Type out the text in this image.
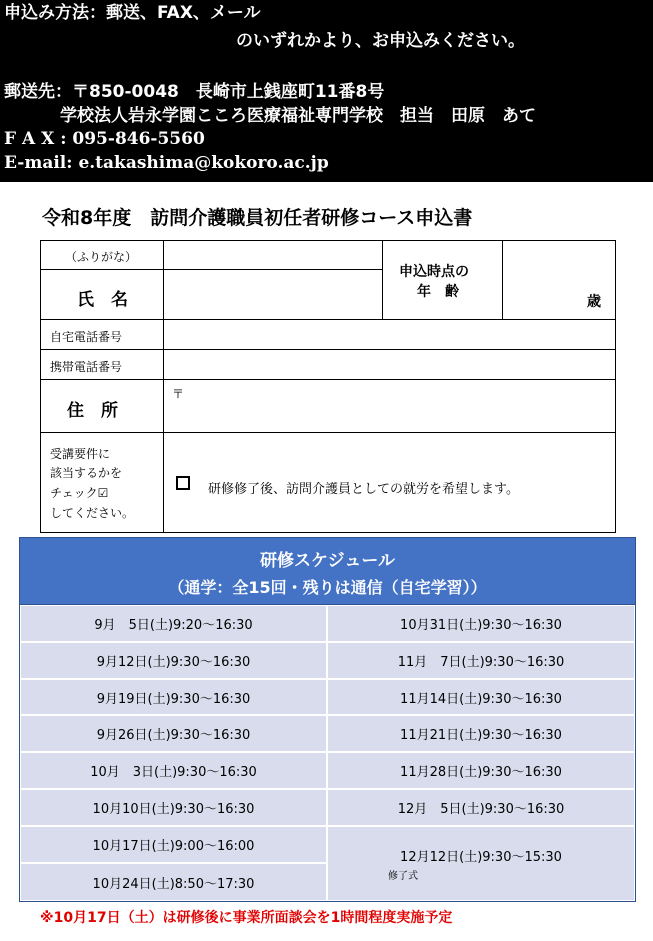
申込み方法：郵送、FAX、メール
のいずれかより、お申込みください。
郵送先：〒850-0048　長崎市上銭座町11番8号
学校法人岩永学園こころ医療福祉専門学校　担当　田原　あて
F A X : 095-846-5560
E-mail: e.takashima@kokoro.ac.jp
令和8年度　訪問介護職員初任者研修コース申込書
（ふりがな）
氏　名
申込時点の
年　齢
歳
自宅電話番号
携帯電話番号
住　所
〒
受講要件に
該当するかを
チェック☑
してください。
研修修了後、訪問介護員としての就労を希望します。
研修スケジュール
（通学：全15回・残りは通信（自宅学習））
9月　5日(土)9:20～16:30
9月12日(土)9:30～16:30
9月19日(土)9:30～16:30
9月26日(土)9:30～16:30
10月　3日(土)9:30～16:30
10月10日(土)9:30～16:30
10月17日(土)9:00～16:00
10月24日(土)8:50～17:30
10月31日(土)9:30～16:30
11月　7日(土)9:30～16:30
11月14日(土)9:30～16:30
11月21日(土)9:30～16:30
11月28日(土)9:30～16:30
12月　5日(土)9:30～16:30
12月12日(土)9:30～15:30
修了式
※10月17日（土）は研修後に事業所面談会を1時間程度実施予定
